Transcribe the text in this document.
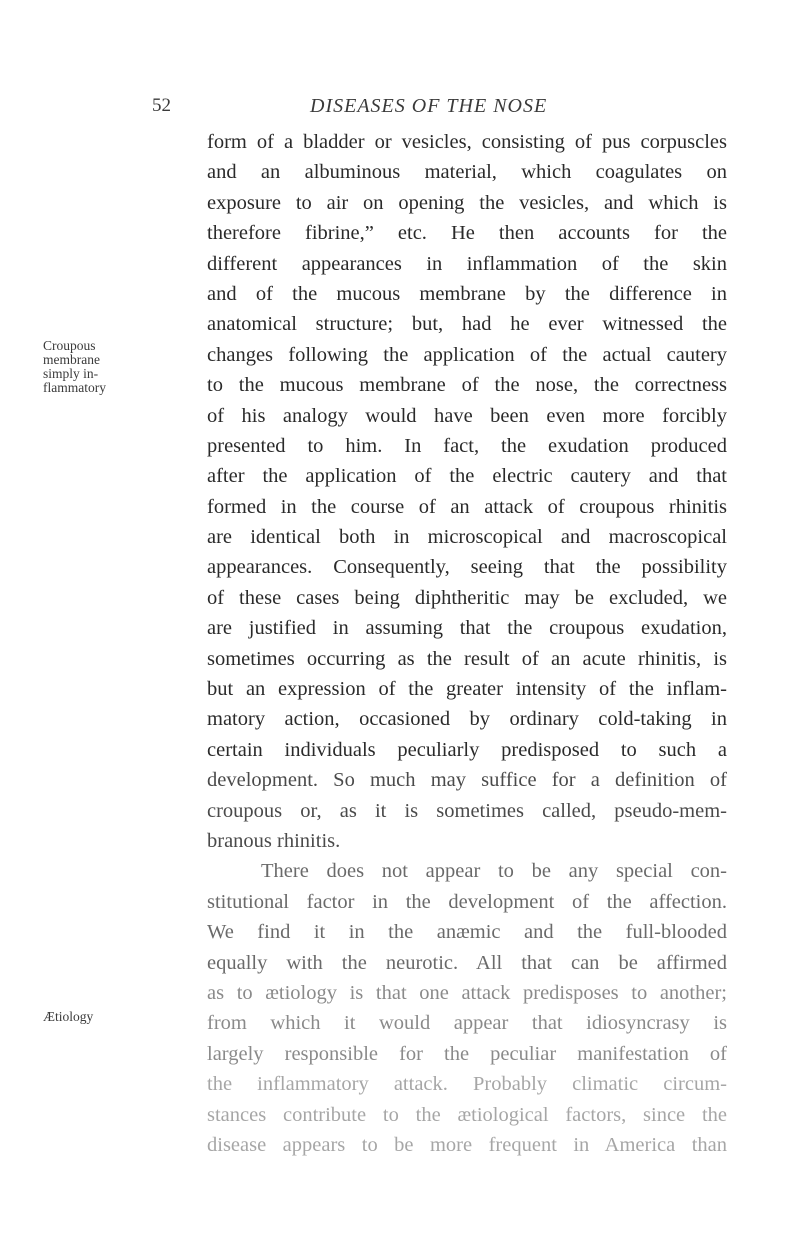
52	DISEASES OF THE NOSE
Croupous
membrane
simply in-
flammatory
Ætiology
form of a bladder or vesicles, consisting of pus corpuscles
and an albuminous material, which coagulates on
exposure to air on opening the vesicles, and which is
therefore fibrine,” etc. He then accounts for the
different appearances in inflammation of the skin
and of the mucous membrane by the difference in
anatomical structure; but, had he ever witnessed the
changes following the application of the actual cautery
to the mucous membrane of the nose, the correctness
of his analogy would have been even more forcibly
presented to him. In fact, the exudation produced
after the application of the electric cautery and that
formed in the course of an attack of croupous rhinitis
are identical both in microscopical and macroscopical
appearances. Consequently, seeing that the possibility
of these cases being diphtheritic may be excluded, we
are justified in assuming that the croupous exudation,
sometimes occurring as the result of an acute rhinitis, is
but an expression of the greater intensity of the inflam-
matory action, occasioned by ordinary cold-taking in
certain individuals peculiarly predisposed to such a
development. So much may suffice for a definition of
croupous or, as it is sometimes called, pseudo-mem-
branous rhinitis.
There does not appear to be any special con-
stitutional factor in the development of the affection.
We find it in the anæmic and the full-blooded
equally with the neurotic. All that can be affirmed
as to ætiology is that one attack predisposes to another;
from which it would appear that idiosyncrasy is
largely responsible for the peculiar manifestation of
the inflammatory attack. Probably climatic circum-
stances contribute to the ætiological factors, since the
disease appears to be more frequent in America than
